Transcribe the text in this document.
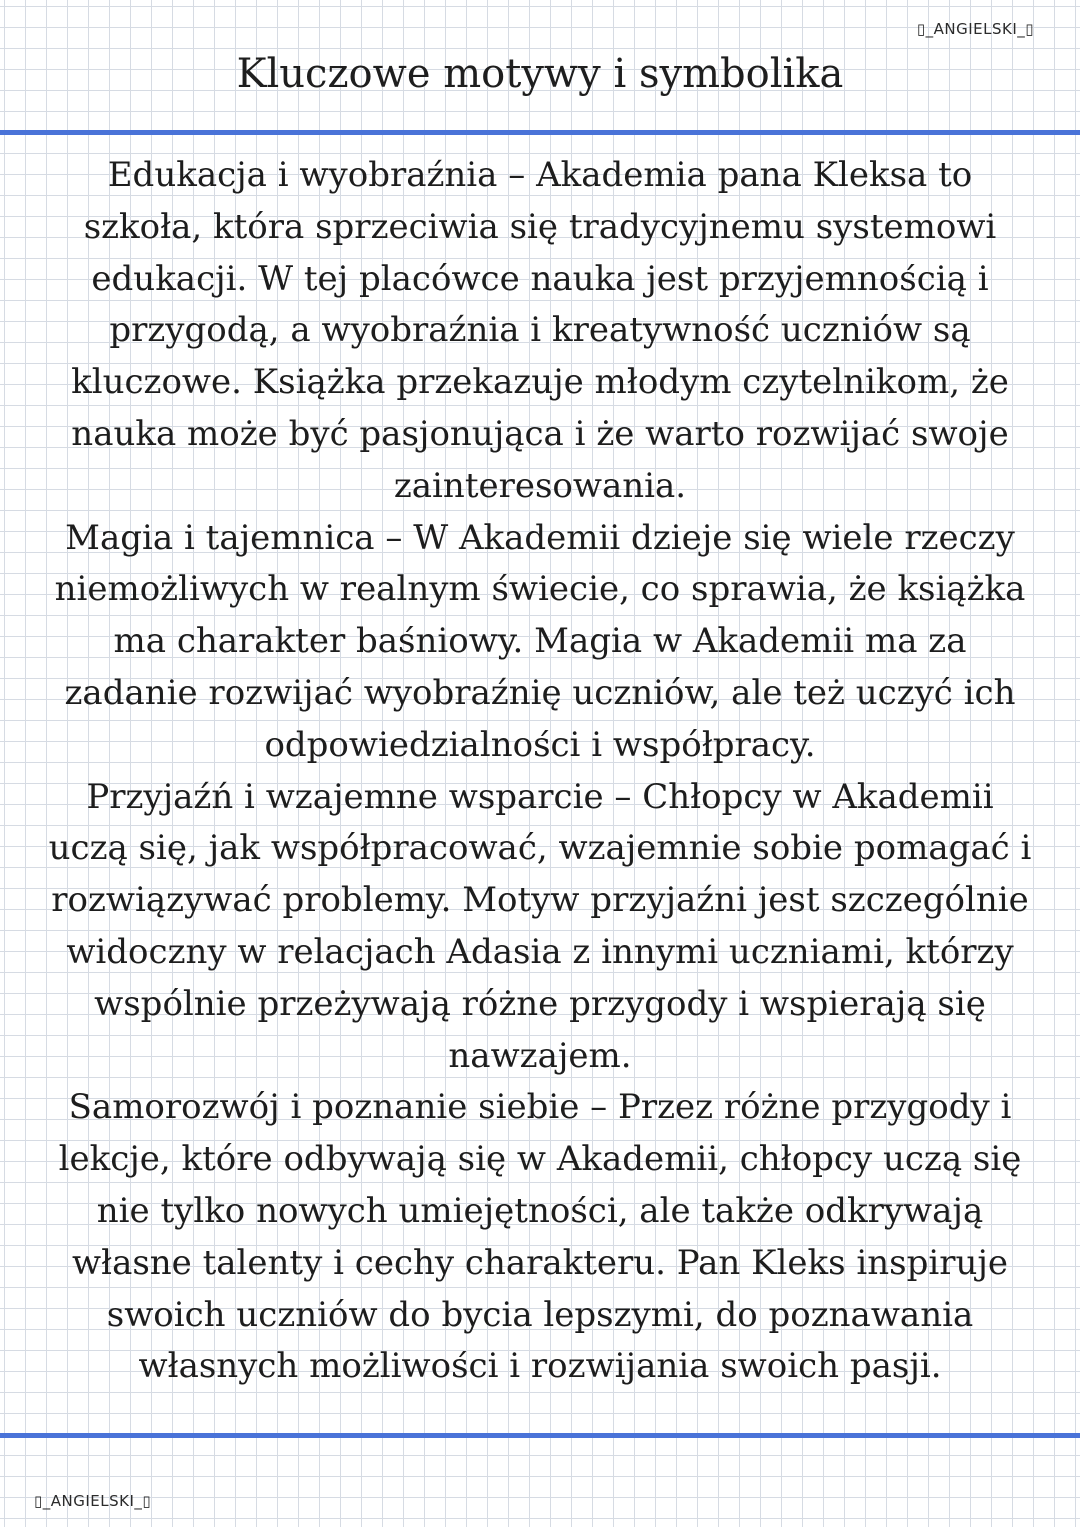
▯_ANGIELSKI_▯
Kluczowe motywy i symbolika

Edukacja i wyobraźnia – Akademia pana Kleksa to
szkoła, która sprzeciwia się tradycyjnemu systemowi
edukacji. W tej placówce nauka jest przyjemnością i
przygodą, a wyobraźnia i kreatywność uczniów są
kluczowe. Książka przekazuje młodym czytelnikom, że
nauka może być pasjonująca i że warto rozwijać swoje
zainteresowania.

Magia i tajemnica – W Akademii dzieje się wiele rzeczy
niemożliwych w realnym świecie, co sprawia, że książka
ma charakter baśniowy. Magia w Akademii ma za
zadanie rozwijać wyobraźnię uczniów, ale też uczyć ich
odpowiedzialności i współpracy.

Przyjaźń i wzajemne wsparcie – Chłopcy w Akademii
uczą się, jak współpracować, wzajemnie sobie pomagać i
rozwiązywać problemy. Motyw przyjaźni jest szczególnie
widoczny w relacjach Adasia z innymi uczniami, którzy
wspólnie przeżywają różne przygody i wspierają się
nawzajem.

Samorozwój i poznanie siebie – Przez różne przygody i
lekcje, które odbywają się w Akademii, chłopcy uczą się
nie tylko nowych umiejętności, ale także odkrywają
własne talenty i cechy charakteru. Pan Kleks inspiruje
swoich uczniów do bycia lepszymi, do poznawania
własnych możliwości i rozwijania swoich pasji.

▯_ANGIELSKI_▯
